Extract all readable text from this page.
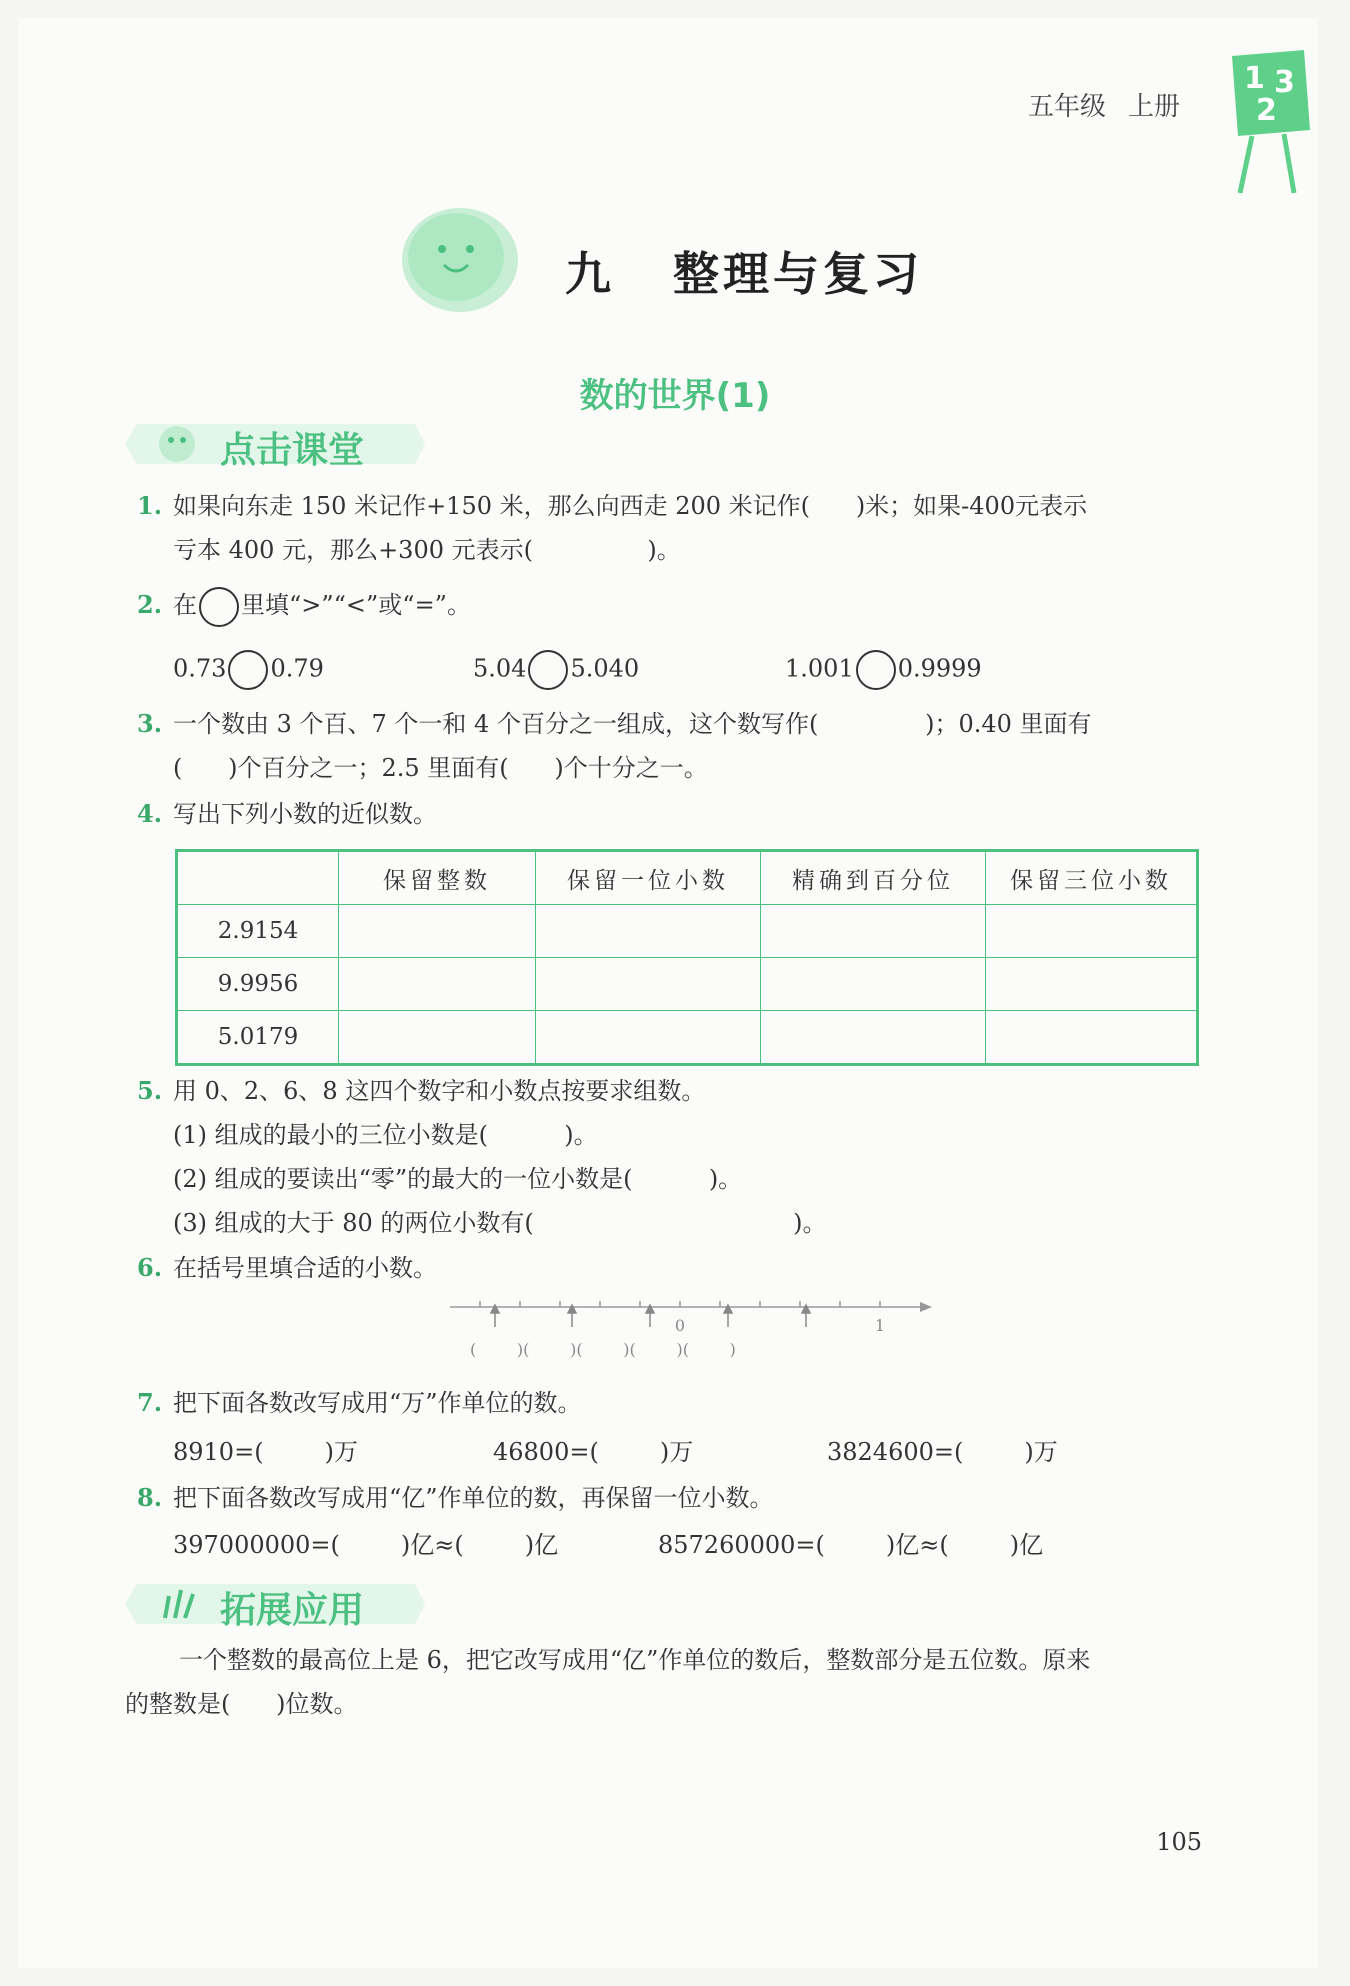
五年级 上册
1 3
2
九 整理与复习
数的世界(1)
点击课堂
1. 如果向东走 150 米记作+150 米，那么向西走 200 米记作(      )米；如果-400元表示
亏本 400 元，那么+300 元表示(               )。
2. 在 里填“>”“<”或“=”。
0.73 0.79	5.04 5.040	1.001 0.9999
3. 一个数由 3 个百、7 个一和 4 个百分之一组成，这个数写作(              )；0.40 里面有
(      )个百分之一；2.5 里面有(      )个十分之一。
4. 写出下列小数的近似数。
	保留整数	保留一位小数	精确到百分位	保留三位小数
2.9154				
9.9956				
5.0179				
5. 用 0、2、6、8 这四个数字和小数点按要求组数。
(1) 组成的最小的三位小数是(          )。
(2) 组成的要读出“零”的最大的一位小数是(          )。
(3) 组成的大于 80 的两位小数有(                                  )。
6. 在括号里填合适的小数。
0	1
(        )(        )(        )(        )(        )
7. 把下面各数改写成用“万”作单位的数。
8910=(        )万	46800=(        )万	3824600=(        )万
8. 把下面各数改写成用“亿”作单位的数，再保留一位小数。
397000000=(        )亿≈(        )亿	857260000=(        )亿≈(        )亿
拓展应用
一个整数的最高位上是 6，把它改写成用“亿”作单位的数后，整数部分是五位数。原来
的整数是(      )位数。
105
